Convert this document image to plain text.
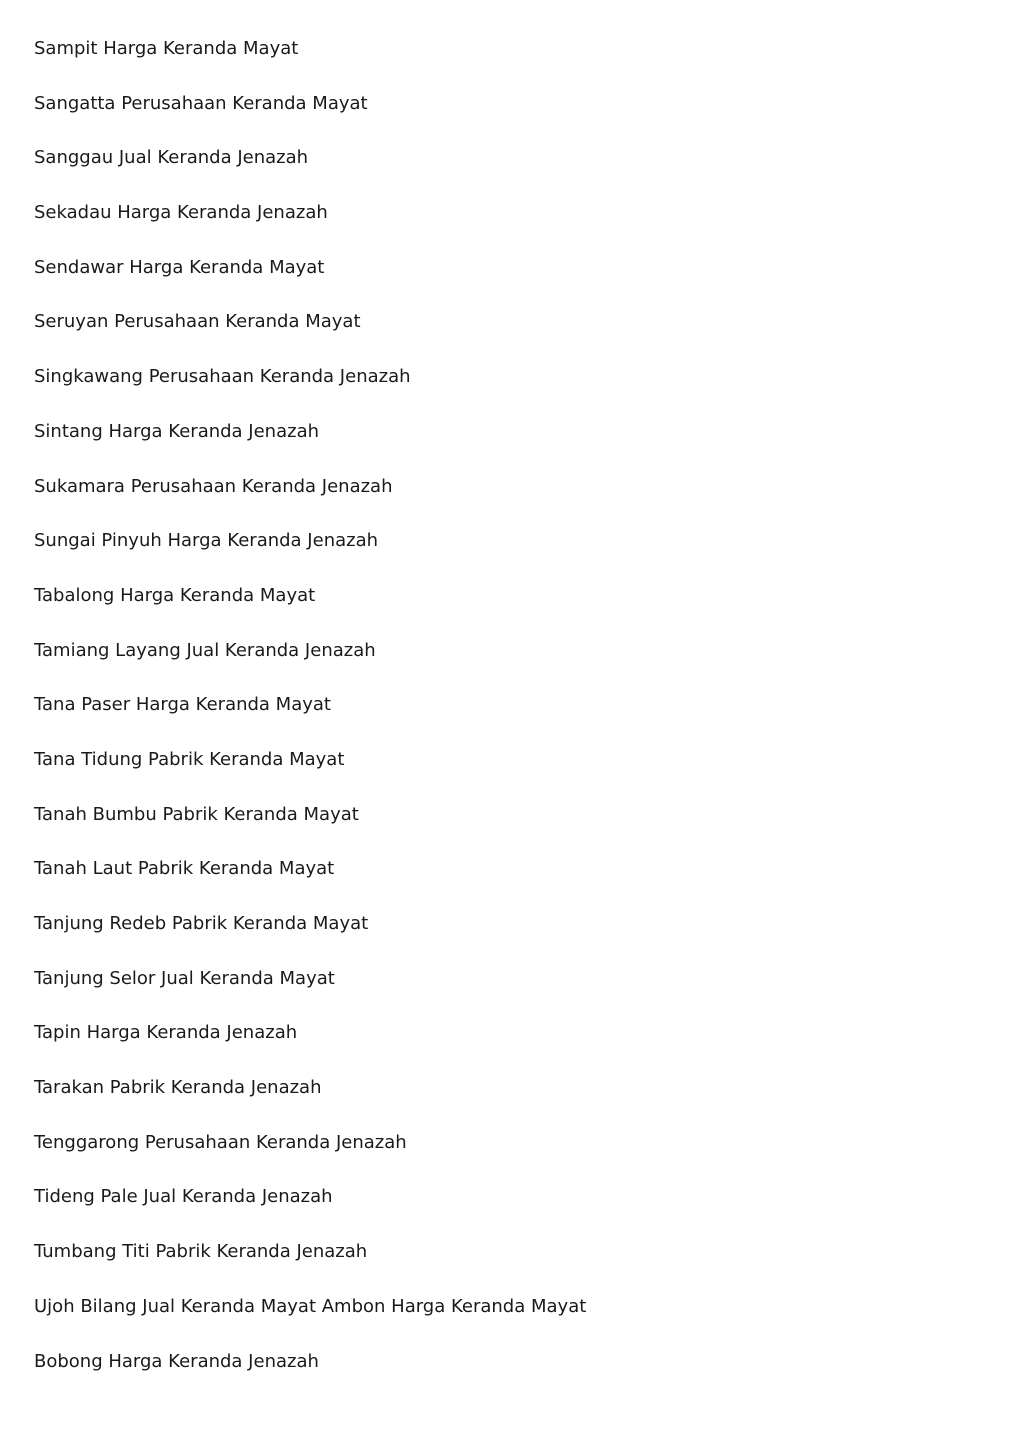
Sampit Harga Keranda Mayat
Sangatta Perusahaan Keranda Mayat
Sanggau Jual Keranda Jenazah
Sekadau Harga Keranda Jenazah
Sendawar Harga Keranda Mayat
Seruyan Perusahaan Keranda Mayat
Singkawang Perusahaan Keranda Jenazah
Sintang Harga Keranda Jenazah
Sukamara Perusahaan Keranda Jenazah
Sungai Pinyuh Harga Keranda Jenazah
Tabalong Harga Keranda Mayat
Tamiang Layang Jual Keranda Jenazah
Tana Paser Harga Keranda Mayat
Tana Tidung Pabrik Keranda Mayat
Tanah Bumbu Pabrik Keranda Mayat
Tanah Laut Pabrik Keranda Mayat
Tanjung Redeb Pabrik Keranda Mayat
Tanjung Selor Jual Keranda Mayat
Tapin Harga Keranda Jenazah
Tarakan Pabrik Keranda Jenazah
Tenggarong Perusahaan Keranda Jenazah
Tideng Pale Jual Keranda Jenazah
Tumbang Titi Pabrik Keranda Jenazah
Ujoh Bilang Jual Keranda Mayat Ambon Harga Keranda Mayat
Bobong Harga Keranda Jenazah
